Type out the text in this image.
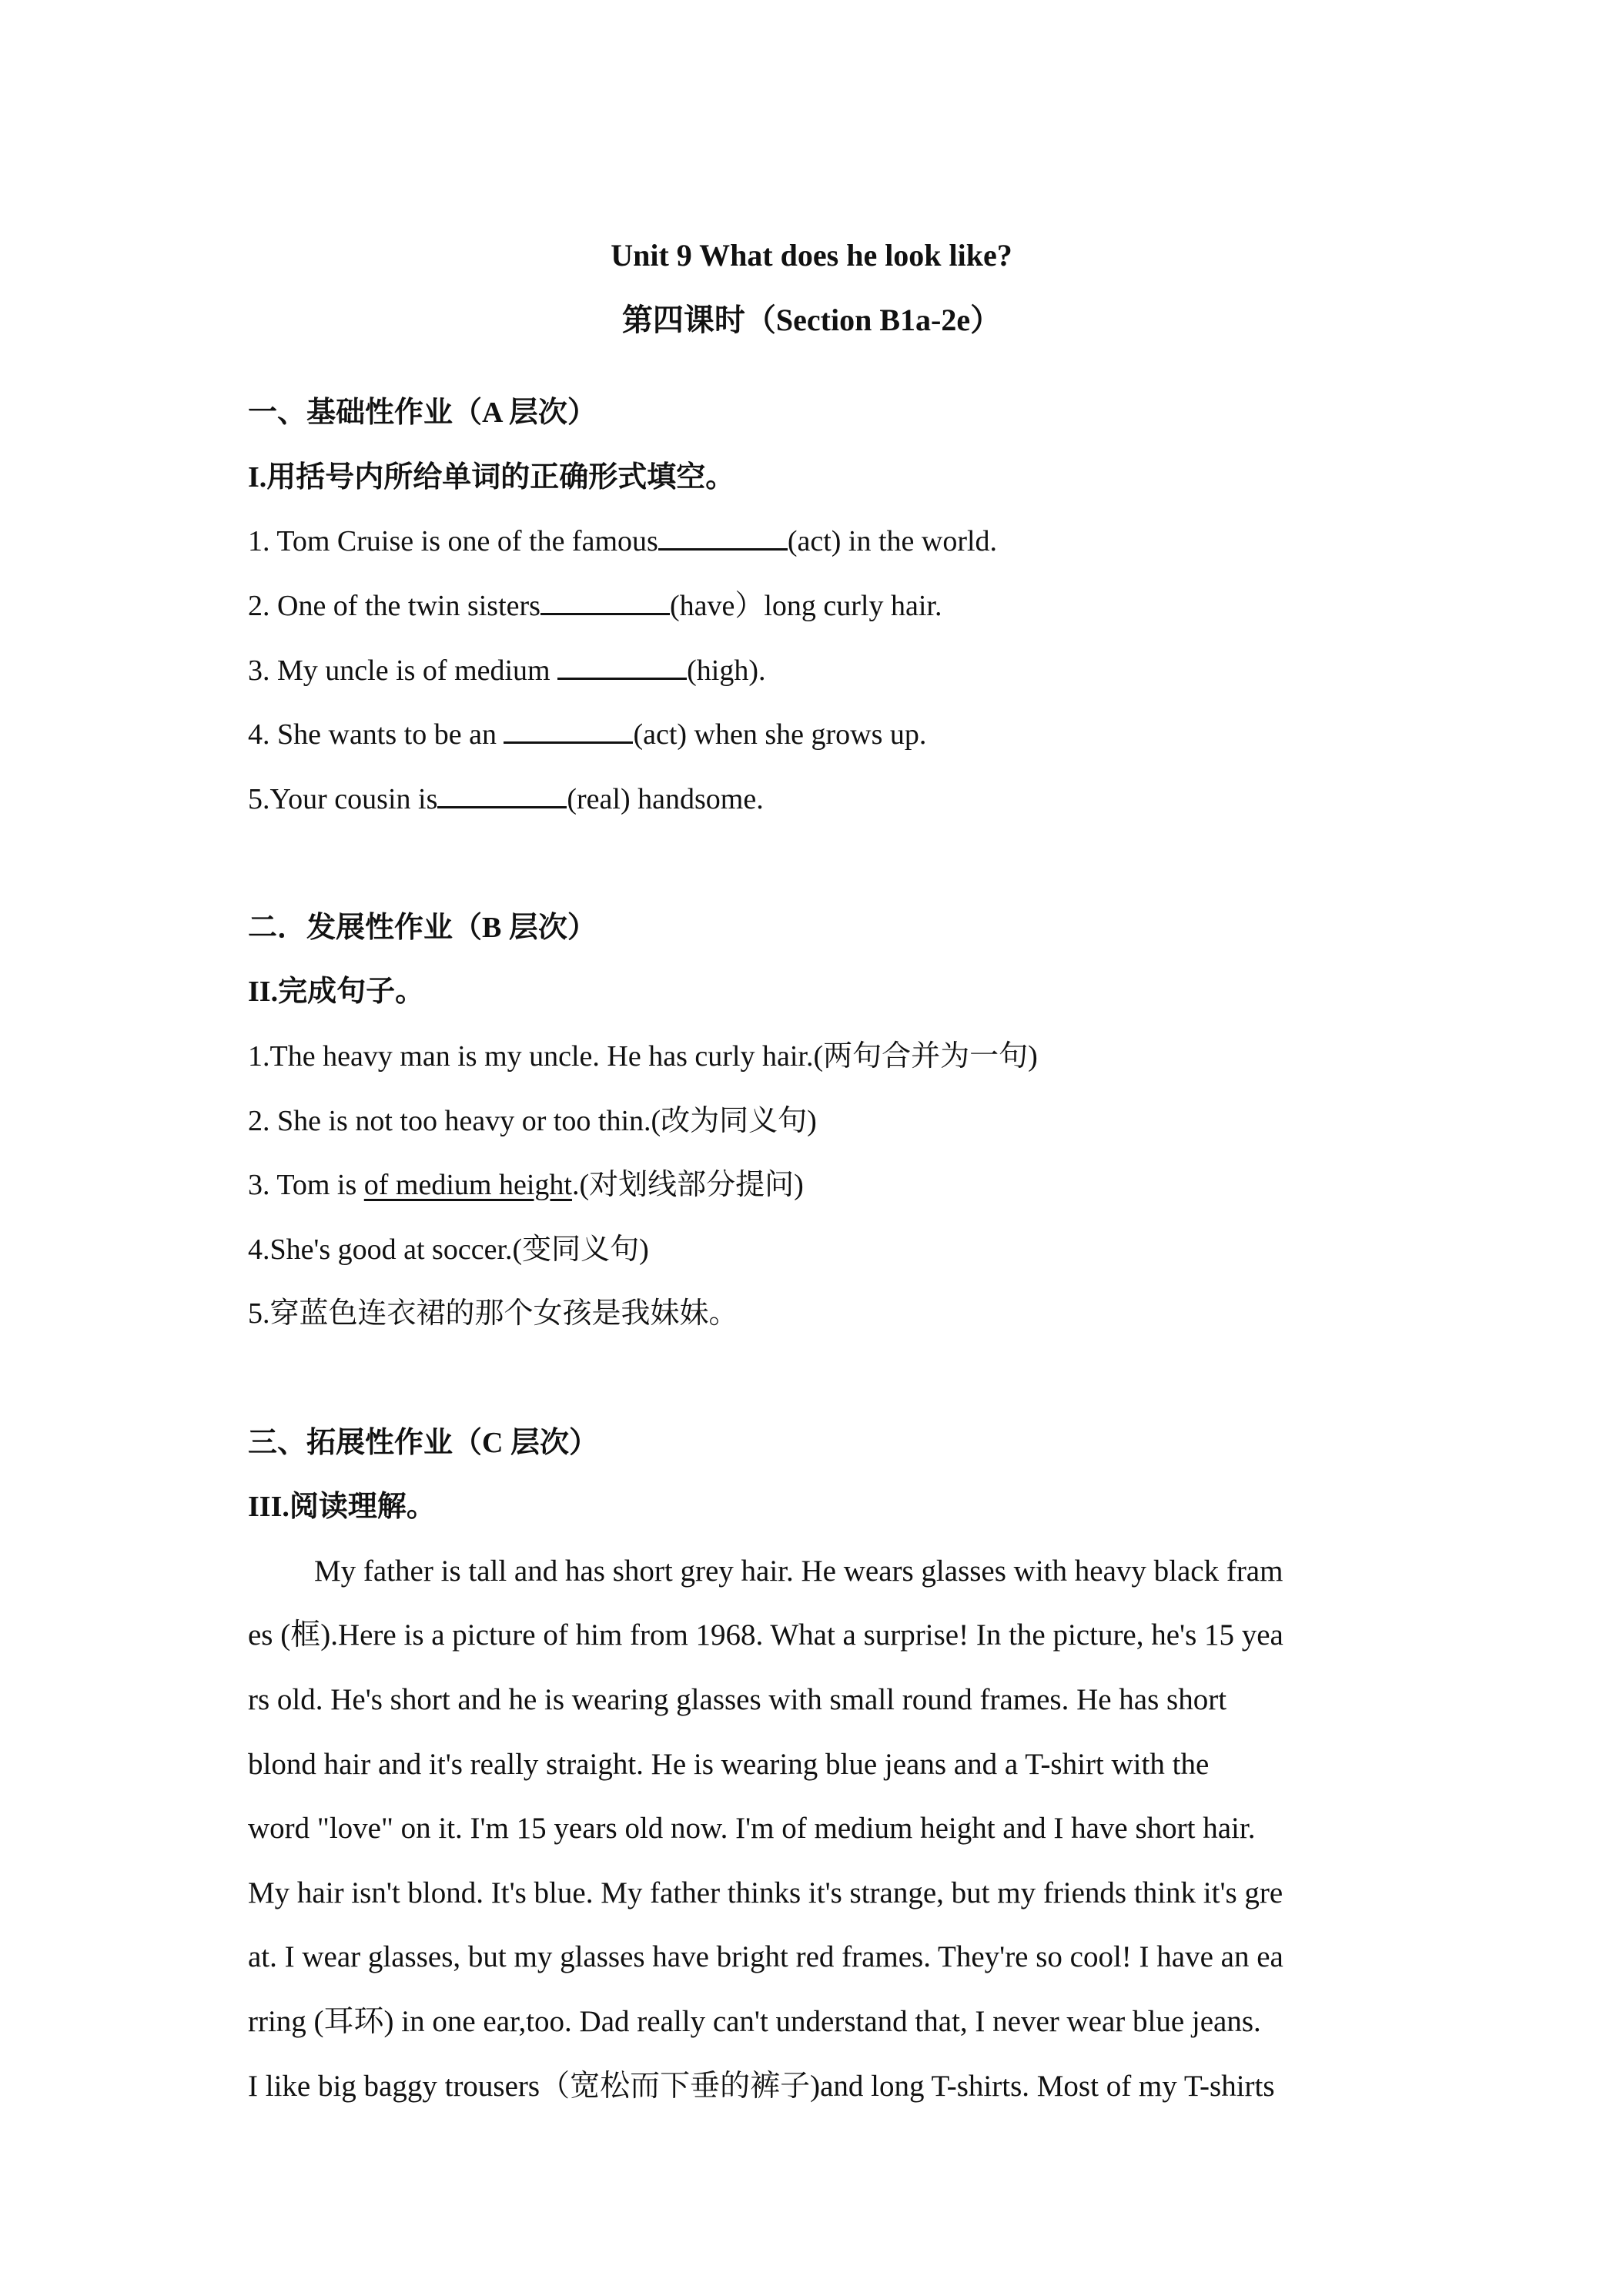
Unit 9 What does he look like?
第四课时（Section B1a-2e）
一、基础性作业（A 层次）
I.用括号内所给单词的正确形式填空。
1. Tom Cruise is one of the famous	(act) in the world.
2. One of the twin sisters	(have）long curly hair.
3. My uncle is of medium	(high).
4. She wants to be an	(act) when she grows up.
5.Your cousin is	(real) handsome.
二．发展性作业（B 层次）
II.完成句子。
1.The heavy man is my uncle. He has curly hair.(两句合并为一句)
2. She is not too heavy or too thin.(改为同义句)
3. Tom is of medium height.(对划线部分提问)
4.She's good at soccer.(变同义句)
5.穿蓝色连衣裙的那个女孩是我妹妹。
三、拓展性作业（C 层次）
III.阅读理解。
My father is tall and has short grey hair. He wears glasses with heavy black fram
es (框).Here is a picture of him from 1968. What a surprise! In the picture, he's 15 yea
rs old. He's short and he is wearing glasses with small round frames. He has short
blond hair and it's really straight. He is wearing blue jeans and a T-shirt with the
word "love" on it. I'm 15 years old now. I'm of medium height and I have short hair.
My hair isn't blond. It's blue. My father thinks it's strange, but my friends think it's gre
at. I wear glasses, but my glasses have bright red frames. They're so cool! I have an ea
rring (耳环) in one ear,too. Dad really can't understand that, I never wear blue jeans.
I like big baggy trousers（宽松而下垂的裤子)and long T-shirts. Most of my T-shirts
